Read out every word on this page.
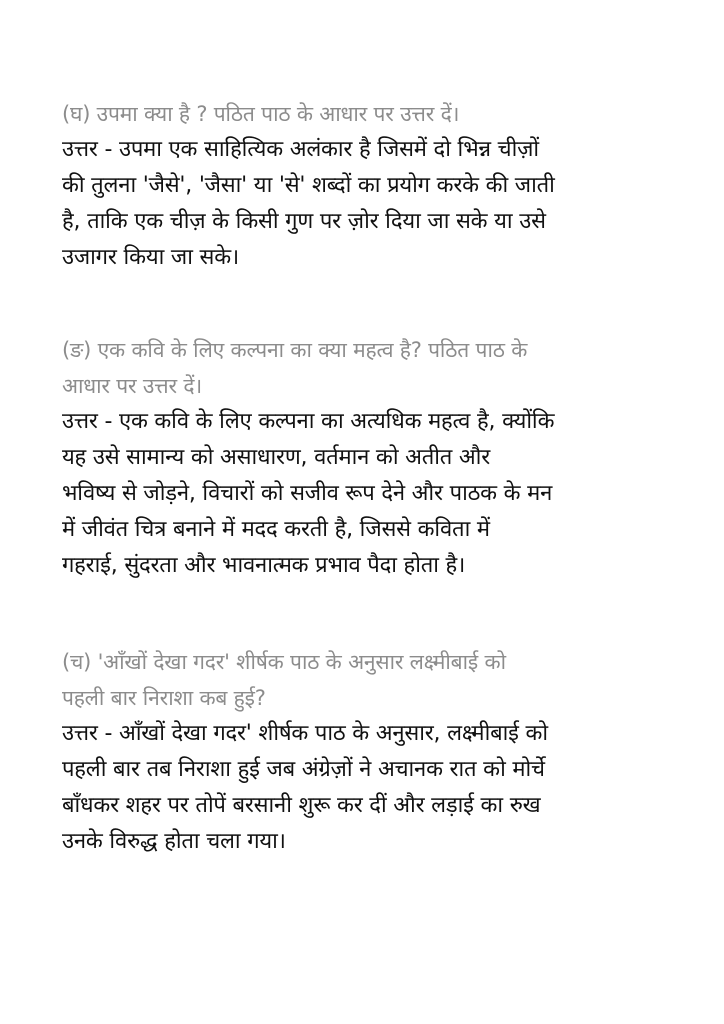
(घ) उपमा क्या है ? पठित पाठ के आधार पर उत्तर दें।
उत्तर - उपमा एक साहित्यिक अलंकार है जिसमें दो भिन्न चीज़ों
की तुलना 'जैसे', 'जैसा' या 'से' शब्दों का प्रयोग करके की जाती
है, ताकि एक चीज़ के किसी गुण पर ज़ोर दिया जा सके या उसे
उजागर किया जा सके।
(ङ) एक कवि के लिए कल्पना का क्या महत्व है? पठित पाठ के
आधार पर उत्तर दें।
उत्तर - एक कवि के लिए कल्पना का अत्यधिक महत्व है, क्योंकि
यह उसे सामान्य को असाधारण, वर्तमान को अतीत और
भविष्य से जोड़ने, विचारों को सजीव रूप देने और पाठक के मन
में जीवंत चित्र बनाने में मदद करती है, जिससे कविता में
गहराई, सुंदरता और भावनात्मक प्रभाव पैदा होता है।
(च) 'आँखों देखा गदर' शीर्षक पाठ के अनुसार लक्ष्मीबाई को
पहली बार निराशा कब हुई?
उत्तर - आँखों देखा गदर' शीर्षक पाठ के अनुसार, लक्ष्मीबाई को
पहली बार तब निराशा हुई जब अंग्रेज़ों ने अचानक रात को मोर्चे
बाँधकर शहर पर तोपें बरसानी शुरू कर दीं और लड़ाई का रुख
उनके विरुद्ध होता चला गया।
